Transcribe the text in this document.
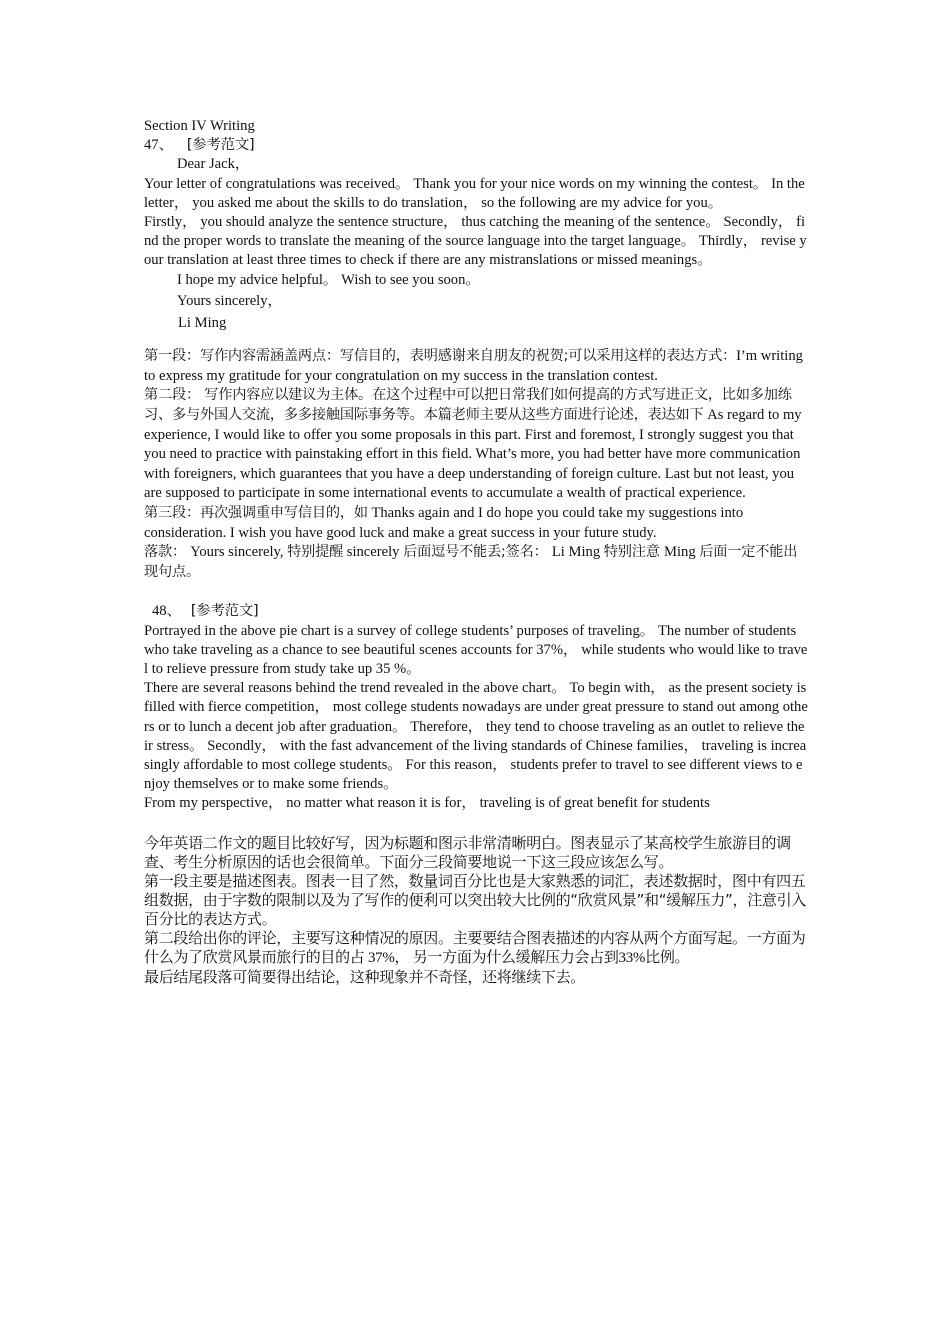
Section IV Writing

47、 [参考范文]

Dear Jack，

Your letter of congratulations was received。 Thank you for your nice words on my winning the contest。 In the letter， you asked me about the skills to do translation， so the following are my advice for you。

Firstly， you should analyze the sentence structure， thus catching the meaning of the sentence。 Secondly， find the proper words to translate the meaning of the source language into the target language。 Thirdly， revise your translation at least three times to check if there are any mistranslations or missed meanings。

I hope my advice helpful。 Wish to see you soon。

Yours sincerely，

Li Ming

第一段：写作内容需涵盖两点：写信目的，表明感谢来自朋友的祝贺;可以采用这样的表达方式：I’m writing to express my gratitude for your congratulation on my success in the translation contest.

第二段： 写作内容应以建议为主体。在这个过程中可以把日常我们如何提高的方式写进正文，比如多加练习、多与外国人交流，多多接触国际事务等。本篇老师主要从这些方面进行论述，表达如下 As regard to my experience, I would like to offer you some proposals in this part. First and foremost, I strongly suggest you that you need to practice with painstaking effort in this field. What’s more, you had better have more communication with foreigners, which guarantees that you have a deep understanding of foreign culture. Last but not least, you are supposed to participate in some international events to accumulate a wealth of practical experience.

第三段：再次强调重申写信目的，如 Thanks again and I do hope you could take my suggestions into consideration. I wish you have good luck and make a great success in your future study.

落款： Yours sincerely, 特别提醒 sincerely 后面逗号不能丢;签名： Li Ming 特别注意 Ming 后面一定不能出现句点。

48、 [参考范文]

Portrayed in the above pie chart is a survey of college students’ purposes of traveling。 The number of students who take traveling as a chance to see beautiful scenes accounts for 37%， while students who would like to travel to relieve pressure from study take up 35 %。

There are several reasons behind the trend revealed in the above chart。 To begin with， as the present society is filled with fierce competition， most college students nowadays are under great pressure to stand out among others or to lunch a decent job after graduation。 Therefore， they tend to choose traveling as an outlet to relieve their stress。 Secondly， with the fast advancement of the living standards of Chinese families， traveling is increasingly affordable to most college students。 For this reason， students prefer to travel to see different views to enjoy themselves or to make some friends。

From my perspective， no matter what reason it is for， traveling is of great benefit for students

今年英语二作文的题目比较好写，因为标题和图示非常清晰明白。图表显示了某高校学生旅游目的调查、考生分析原因的话也会很简单。下面分三段简要地说一下这三段应该怎么写。

第一段主要是描述图表。图表一目了然，数量词百分比也是大家熟悉的词汇，表述数据时，图中有四五组数据，由于字数的限制以及为了写作的便利可以突出较大比例的“欣赏风景”和“缓解压力”，注意引入百分比的表达方式。

第二段给出你的评论，主要写这种情况的原因。主要要结合图表描述的内容从两个方面写起。一方面为什么为了欣赏风景而旅行的目的占 37%， 另一方面为什么缓解压力会占到33%比例。

最后结尾段落可简要得出结论，这种现象并不奇怪，还将继续下去。
